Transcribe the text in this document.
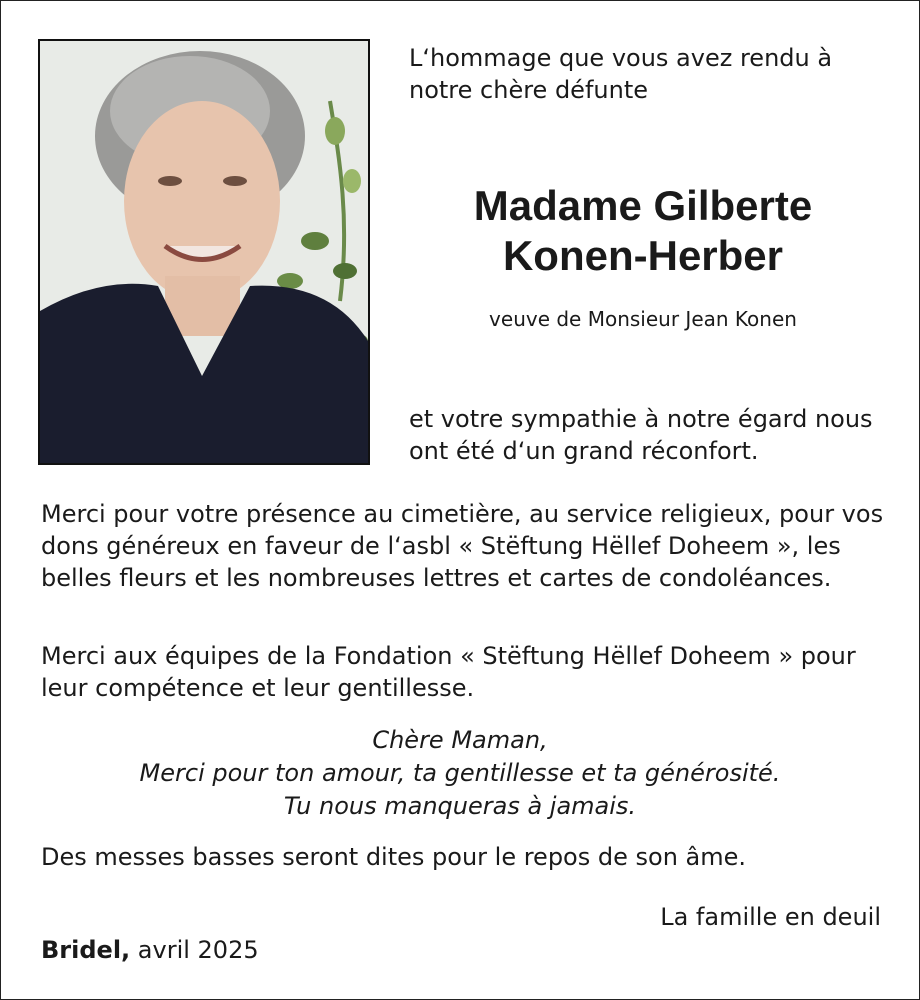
L‘hommage que vous avez rendu à notre chère défunte

Madame Gilberte
Konen-Herber

veuve de Monsieur Jean Konen

et votre sympathie à notre égard nous ont été d‘un grand réconfort.

Merci pour votre présence au cimetière, au service religieux, pour vos dons généreux en faveur de l‘asbl « Stëftung Hëllef Doheem », les belles fleurs et les nombreuses lettres et cartes de condoléances.

Merci aux équipes de la Fondation « Stëftung Hëllef Doheem » pour leur compétence et leur gentillesse.

Chère Maman,

Merci pour ton amour, ta gentillesse et ta générosité.

Tu nous manqueras à jamais.

Des messes basses seront dites pour le repos de son âme.

La famille en deuil

Bridel, avril 2025
